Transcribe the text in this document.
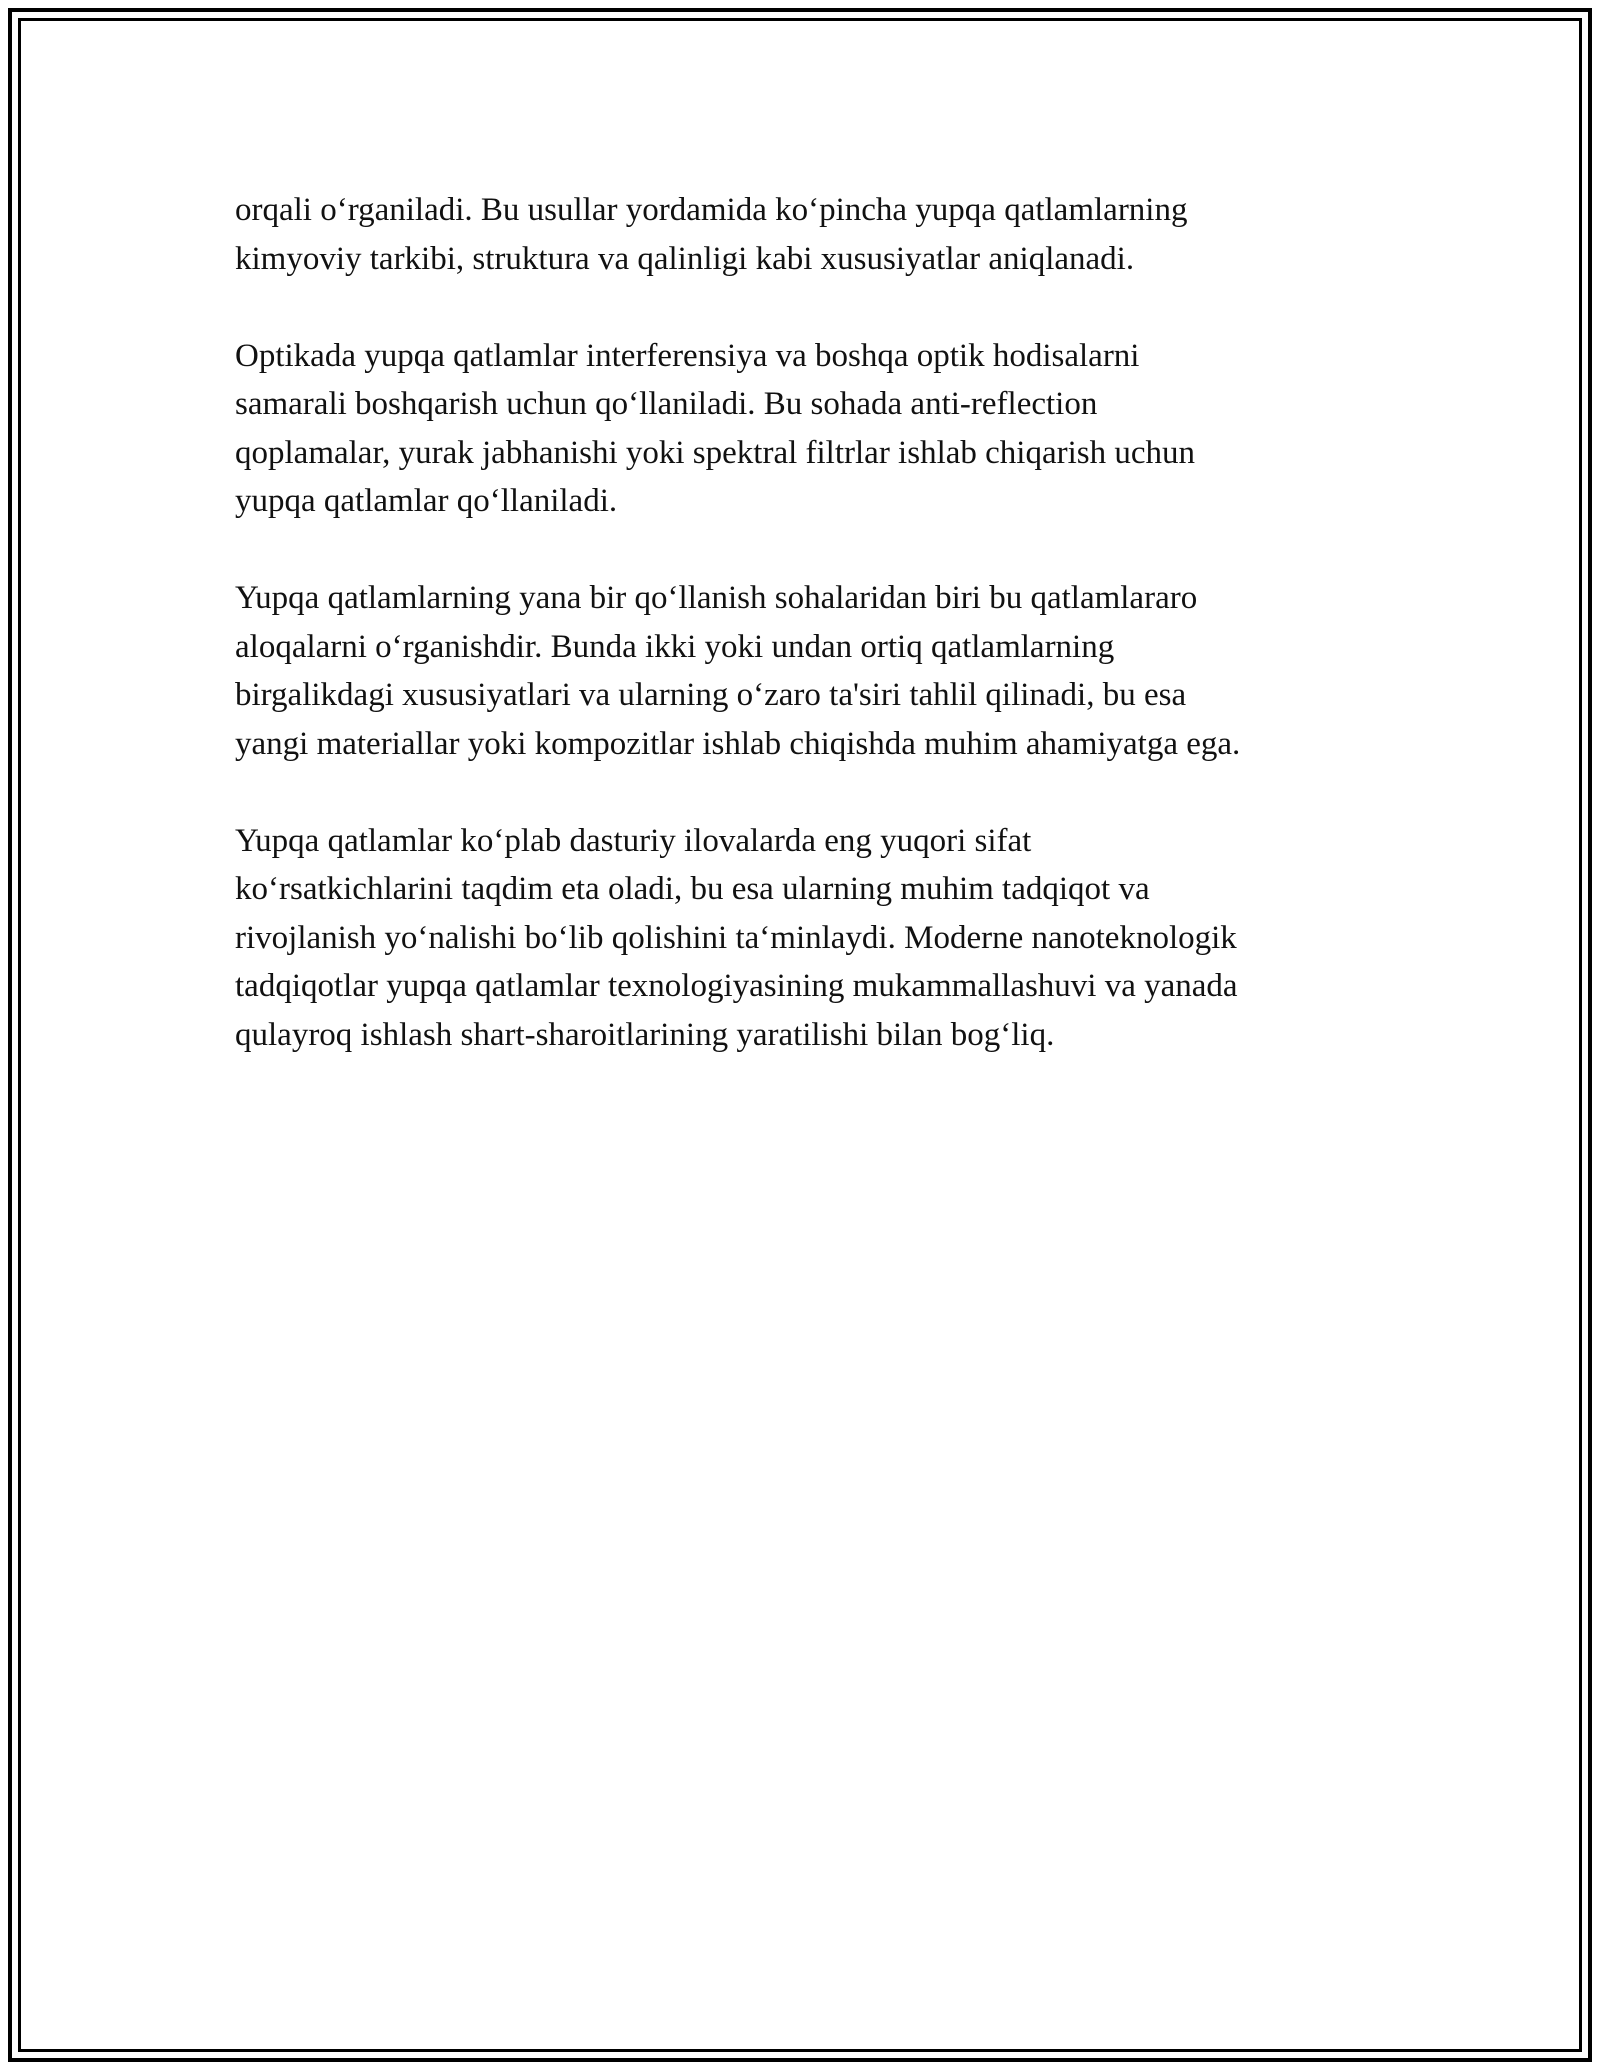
orqali o‘rganiladi. Bu usullar yordamida ko‘pincha yupqa qatlamlarning
kimyoviy tarkibi, struktura va qalinligi kabi xususiyatlar aniqlanadi.

Optikada yupqa qatlamlar interferensiya va boshqa optik hodisalarni
samarali boshqarish uchun qo‘llaniladi. Bu sohada anti-reflection
qoplamalar, yurak jabhanishi yoki spektral filtrlar ishlab chiqarish uchun
yupqa qatlamlar qo‘llaniladi.

Yupqa qatlamlarning yana bir qo‘llanish sohalaridan biri bu qatlamlararo
aloqalarni o‘rganishdir. Bunda ikki yoki undan ortiq qatlamlarning
birgalikdagi xususiyatlari va ularning o‘zaro ta'siri tahlil qilinadi, bu esa
yangi materiallar yoki kompozitlar ishlab chiqishda muhim ahamiyatga ega.

Yupqa qatlamlar ko‘plab dasturiy ilovalarda eng yuqori sifat
ko‘rsatkichlarini taqdim eta oladi, bu esa ularning muhim tadqiqot va
rivojlanish yo‘nalishi bo‘lib qolishini ta‘minlaydi. Moderne nanoteknologik
tadqiqotlar yupqa qatlamlar texnologiyasining mukammallashuvi va yanada
qulayroq ishlash shart-sharoitlarining yaratilishi bilan bog‘liq.
